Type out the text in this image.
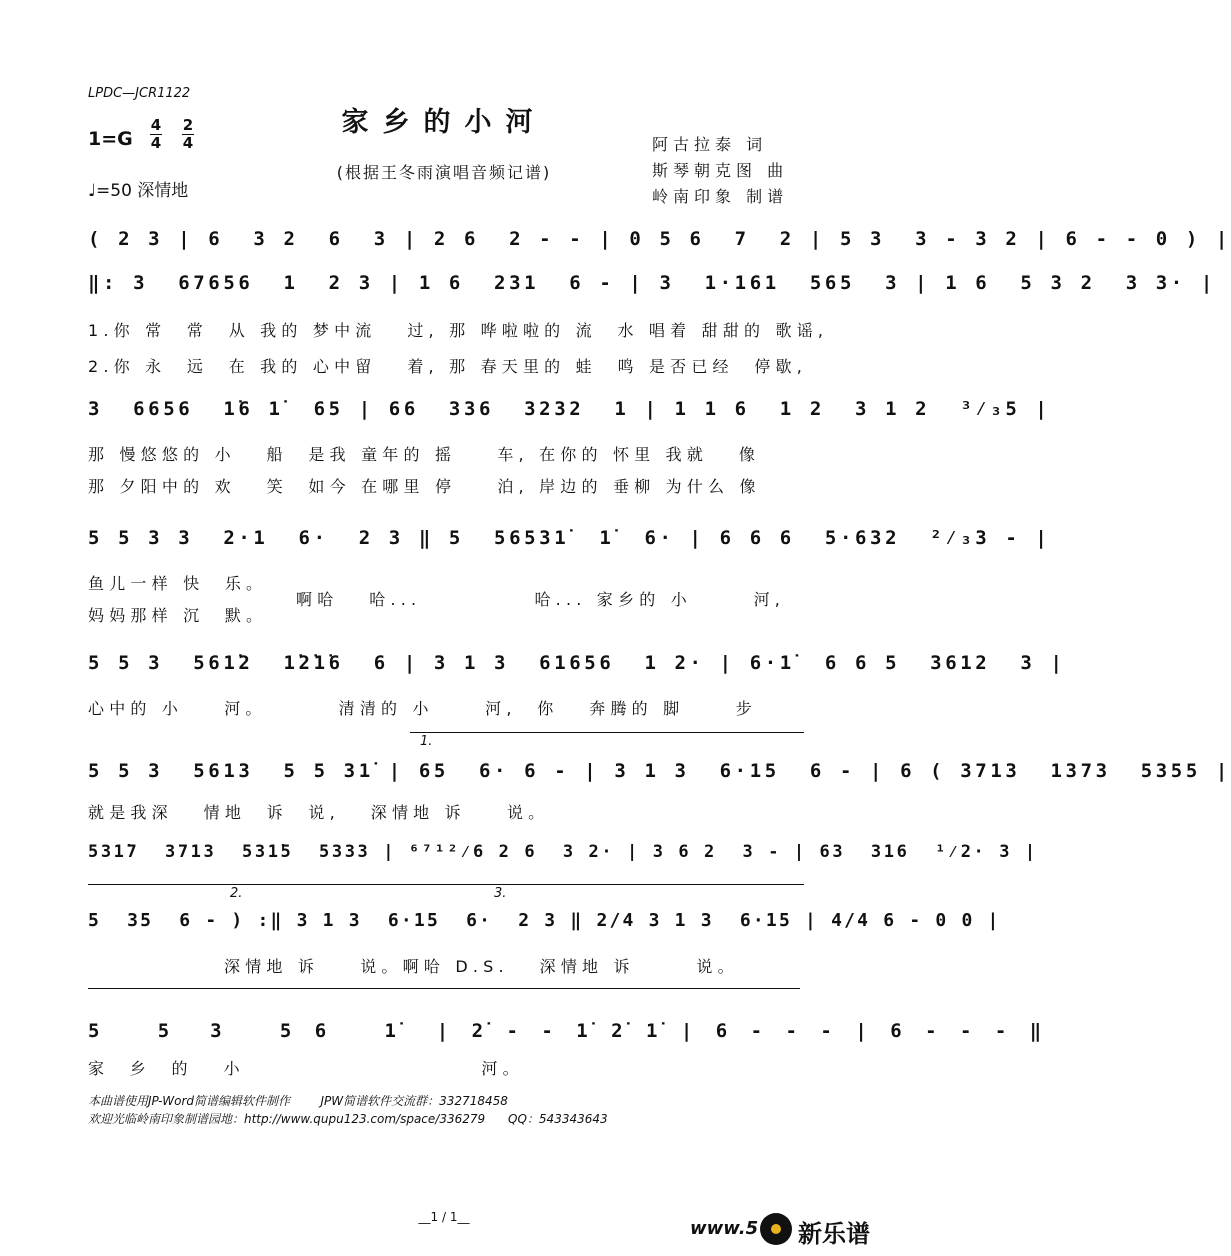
LPDC—JCR1122
家乡的小河
1=G
4
4
2
4
♩=50 深情地
(根据王冬雨演唱音频记谱)
阿古拉泰 词
斯琴朝克图 曲
岭南印象 制谱
( 2 3 | 6  3 2  6  3 | 2 6  2 - - | 0 5 6  7  2 | 5 3  3 - 3 2 | 6 - - 0 ) |
‖: 3  67656  1  2 3 | 1 6  231  6 - | 3  1·161  565  3 | 1 6  5 3 2  3 3· |
1.你 常  常  从 我的 梦中流   过, 那 哗啦啦的 流  水 唱着 甜甜的 歌谣,
2.你 永  远  在 我的 心中留   着, 那 春天里的 蛙  鸣 是否已经  停歇,
3  6656  1̇6 1̇  65 | 66  336  3232  1 | 1 1 6  1 2  3 1 2  ³⁄₃5 |
那 慢悠悠的 小   船  是我 童年的 摇    车, 在你的 怀里 我就   像
那 夕阳中的 欢   笑  如今 在哪里 停    泊, 岸边的 垂柳 为什么 像
5 5 3 3  2·1  6·  2 3 ‖ 5  56531̇  1̇  6· | 6 6 6  5·632  ²⁄₃3 - |
鱼儿一样 快  乐。
妈妈那样 沉  默。
啊哈   哈...           哈... 家乡的 小      河,
5 5 3  561̇2  1̇2̇1̇6  6 | 3 1 3  61656  1 2· | 6·1̇  6 6 5  3612  3 |
心中的 小    河。       清清的 小     河,  你   奔腾的 脚     步
1.
5 5 3  5613  5 5 31̇ | 65  6· 6 - | 3 1 3  6·15  6 - | 6 ( 3713  1373  5355 |
就是我深   情地  诉  说,   深情地 诉    说。
531̇7  3713  531̇5  5333 | ⁶⁷¹²⁄6 2 6  3 2· | 3 6 2  3 - | 63  316  ¹⁄2· 3 |
2.	3.
5  35  6 - ) :‖ 3 1 3  6·15  6·  2 3 ‖ 2/4 3 1 3  6·15 | 4/4 6 - 0 0 |
深情地 诉    说。啊哈 D.S.   深情地 诉      说。
5   5  3   5 6   1̇  | 2̇ - - 1̇ 2̇ 1̇ | 6 - - - | 6 - - - ‖
家  乡  的   小                       河。
本曲谱使用JP-Word简谱编辑软件制作        JPW简谱软件交流群：332718458
欢迎光临岭南印象制谱园地：http://www.qupu123.com/space/336279      QQ：543343643
__1 / 1__
www.5 新乐谱
